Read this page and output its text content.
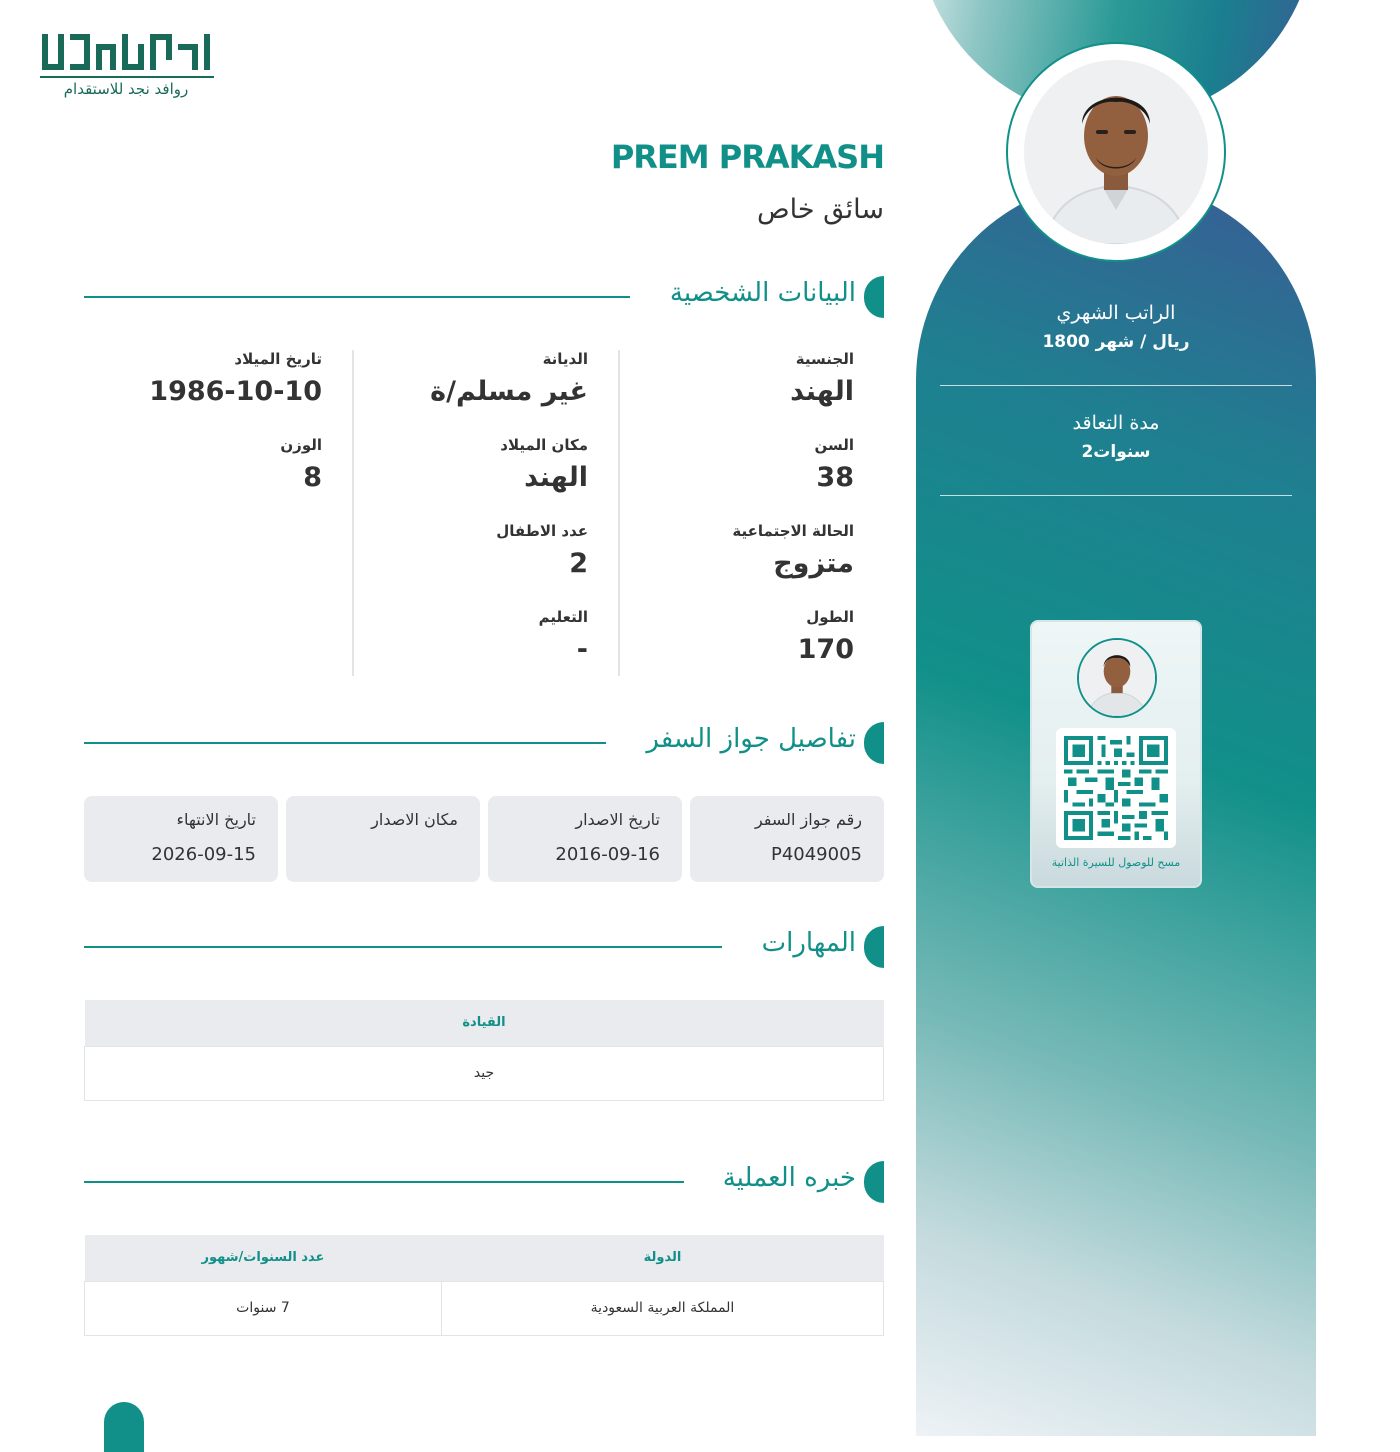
الراتب الشهري
1800 ريال / شهر
مدة التعاقد
2سنوات
مسح للوصول للسيرة الذاتية
روافد نجد للاستقدام
PREM PRAKASH
سائق خاص
البيانات الشخصية
الجنسية
الهند
السن
38
الحالة الاجتماعية
متزوج
الطول
170
الديانة
غير مسلم/ة
مكان الميلاد
الهند
عدد الاطفال
2
التعليم
-
تاريخ الميلاد
1986-10-10
الوزن
8
تفاصيل جواز السفر
رقم جواز السفر
P4049005
تاريخ الاصدار
2016-09-16
مكان الاصدار
تاريخ الانتهاء
2026-09-15
المهارات
القيادة
جيد
خبره العملية
الدولة	عدد السنوات/شهور
المملكة العربية السعودية	7 سنوات
